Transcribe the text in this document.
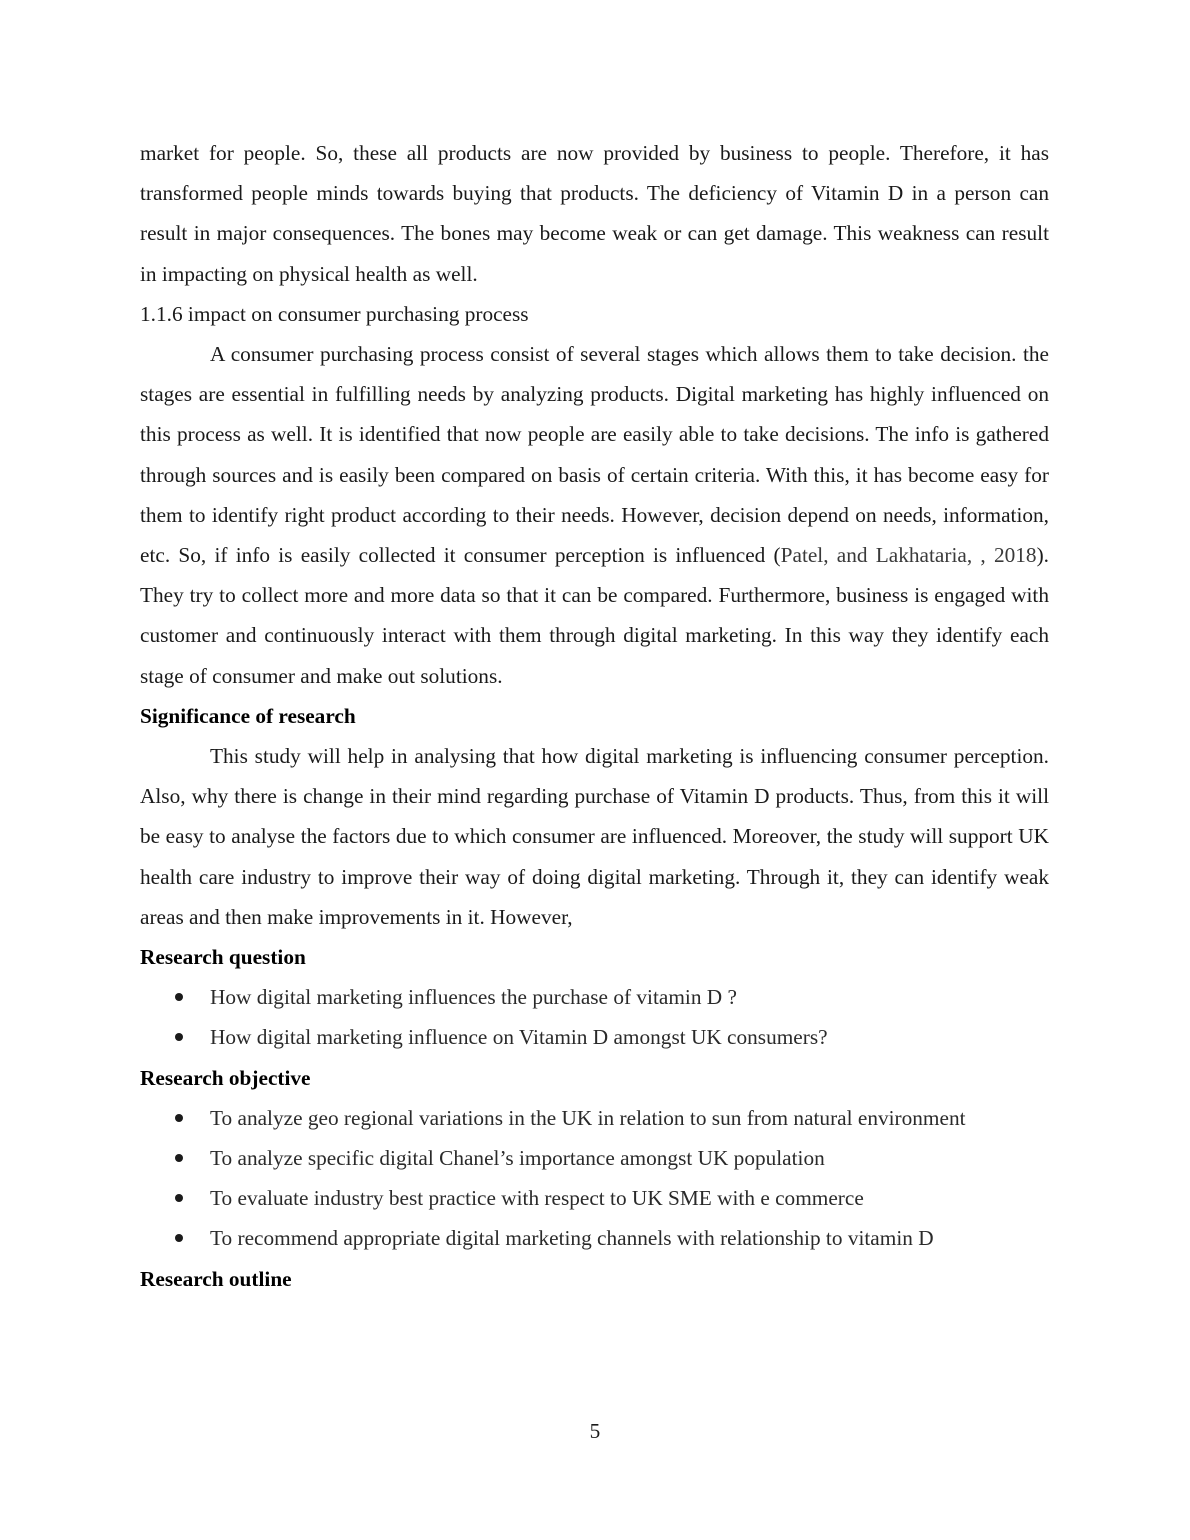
market for people. So, these all products are now provided by business to people. Therefore, it has transformed people minds towards buying that products. The deficiency of Vitamin D in a person can result in major consequences. The bones may become weak or can get damage. This weakness can result in impacting on physical health as well.

1.1.6 impact on consumer purchasing process

A consumer purchasing process consist of several stages which allows them to take decision. the stages are essential in fulfilling needs by analyzing products. Digital marketing has highly influenced on this process as well. It is identified that now people are easily able to take decisions. The info is gathered through sources and is easily been compared on basis of certain criteria. With this, it has become easy for them to identify right product according to their needs. However, decision depend on needs, information, etc. So, if info is easily collected it consumer perception is influenced (Patel, and Lakhataria, , 2018). They try to collect more and more data so that it can be compared. Furthermore, business is engaged with customer and continuously interact with them through digital marketing. In this way they identify each stage of consumer and make out solutions.

Significance of research

This study will help in analysing that how digital marketing is influencing consumer perception. Also, why there is change in their mind regarding purchase of Vitamin D products. Thus, from this it will be easy to analyse the factors due to which consumer are influenced. Moreover, the study will support UK health care industry to improve their way of doing digital marketing. Through it, they can identify weak areas and then make improvements in it. However,

Research question

How digital marketing influences the purchase of vitamin D ?
How digital marketing influence on Vitamin D amongst UK consumers?

Research objective

To analyze geo regional variations in the UK in relation to sun from natural environment
To analyze specific digital Chanel’s importance amongst UK population
To evaluate industry best practice with respect to UK SME with e commerce
To recommend appropriate digital marketing channels with relationship to vitamin D

Research outline

5
